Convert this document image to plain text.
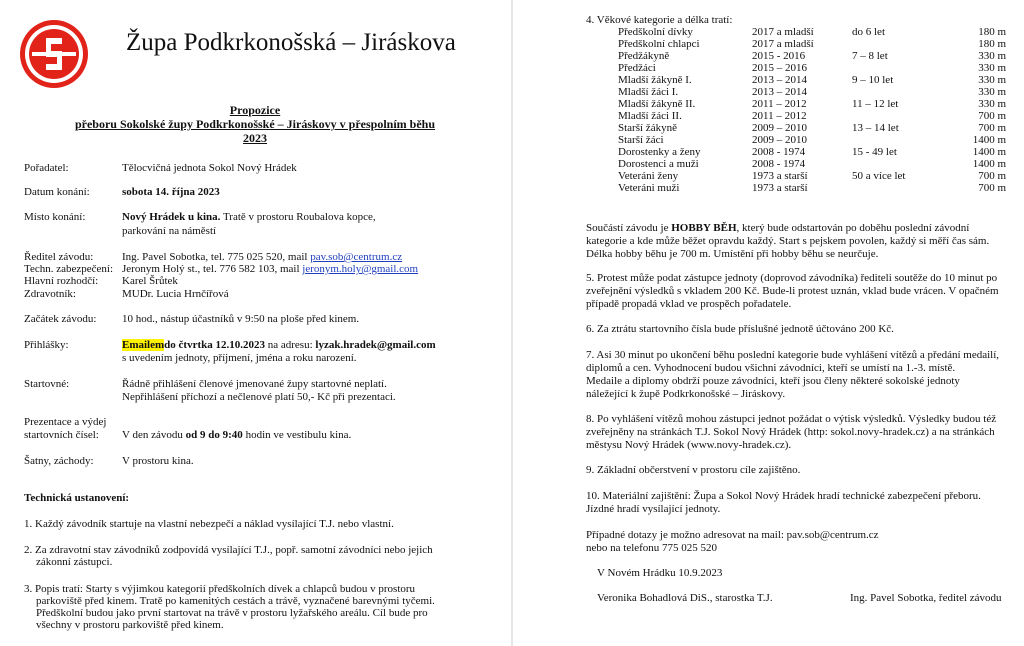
Župa Podkrkonošská – Jiráskova
Propozice
přeboru Sokolské župy Podkrkonošské – Jiráskovy v přespolním běhu
2023
Pořadatel:	Tělocvičná jednota Sokol Nový Hrádek
Datum konání:	sobota 14. října 2023
Místo konání:	Nový Hrádek u kina. Tratě v prostoru Roubalova kopce, parkování na náměstí
Ředitel závodu:	Ing. Pavel Sobotka, tel. 775 025 520, mail pav.sob@centrum.cz
Techn. zabezpečení: Jeronym Holý st., tel. 776 582 103, mail jeronym.holy@gmail.com
Hlavní rozhodčí: Karel Šrůtek
Zdravotník:	MUDr. Lucia Hrnčířová
Začátek závodu: 10 hod., nástup účastníků v 9:50 na ploše před kinem.
Přihlášky:	Emailemdo čtvrtka 12.10.2023 na adresu: lyzak.hradek@gmail.com
s uvedením jednoty, příjmení, jména a roku narození.
Startovné:	Řádně přihlášení členové jmenované župy startovné neplatí.
Nepřihlášení příchozí a nečlenové platí 50,- Kč při prezentaci.
Prezentace a výdej
startovních čísel: V den závodu od 9 do 9:40 hodin ve vestibulu kina.
Šatny, záchody:	V prostoru kina.
Technická ustanovení:
1. Každý závodník startuje na vlastní nebezpečí a náklad vysílající T.J. nebo vlastní.
2. Za zdravotní stav závodníků zodpovídá vysílající T.J., popř. samotní závodníci nebo jejich
zákonní zástupci.
3. Popis tratí: Starty s výjimkou kategorií předškolních dívek a chlapců budou v prostoru
parkoviště před kinem. Tratě po kamenitých cestách a trávě, vyznačené barevnými tyčemi.
Předškolní budou jako první startovat na trávě v prostoru lyžařského areálu. Cíl bude pro
všechny v prostoru parkoviště před kinem.
4. Věkové kategorie a délka tratí:
Předškolní dívky	2017 a mladší	do 6 let	180 m
Předškolní chlapci	2017 a mladší		180 m
Předžákyně	2015 - 2016	7 – 8 let	330 m
Předžáci	2015 – 2016		330 m
Mladší žákyně I.	2013 – 2014	9 – 10 let	330 m
Mladší žáci I.	2013 – 2014		330 m
Mladší žákyně II.	2011 – 2012	11 – 12 let	330 m
Mladší žáci II.	2011 – 2012		700 m
Starší žákyně	2009 – 2010	13 – 14 let	700 m
Starší žáci	2009 – 2010		1400 m
Dorostenky a ženy	2008 - 1974	15 - 49 let	1400 m
Dorostenci a muži	2008 - 1974		1400 m
Veteráni ženy	1973 a starší	50 a více let	700 m
Veteráni muži	1973 a starší		700 m
Součástí závodu je HOBBY BĚH, který bude odstartován po doběhu poslední závodní
kategorie a kde může běžet opravdu každý. Start s pejskem povolen, každý si měří čas sám.
Délka hobby běhu je 700 m. Umístění při hobby běhu se neurčuje.
5. Protest může podat zástupce jednoty (doprovod závodníka) řediteli soutěže do 10 minut po
zveřejnění výsledků s vkladem 200 Kč. Bude-li protest uznán, vklad bude vrácen. V opačném
případě propadá vklad ve prospěch pořadatele.
6. Za ztrátu startovního čísla bude příslušné jednotě účtováno 200 Kč.
7. Asi 30 minut po ukončení běhu poslední kategorie bude vyhlášení vítězů a předání medailí,
diplomů a cen. Vyhodnocení budou všichni závodníci, kteří se umístí na 1.-3. místě.
Medaile a diplomy obdrží pouze závodníci, kteří jsou členy některé sokolské jednoty
náležející k župě Podkrkonošské – Jiráskovy.
8. Po vyhlášení vítězů mohou zástupci jednot požádat o výtisk výsledků. Výsledky budou též
zveřejněny na stránkách T.J. Sokol Nový Hrádek (http: sokol.novy-hradek.cz) a na stránkách
městysu Nový Hrádek (www.novy-hradek.cz).
9. Základní občerstvení v prostoru cíle zajištěno.
10. Materiální zajištění: Župa a Sokol Nový Hrádek hradí technické zabezpečení přeboru.
Jízdné hradí vysílající jednoty.
Případné dotazy je možno adresovat na mail: pav.sob@centrum.cz
nebo na telefonu 775 025 520
V Novém Hrádku 10.9.2023
Veronika Bohadlová DiS., starostka T.J.	Ing. Pavel Sobotka, ředitel závodu
